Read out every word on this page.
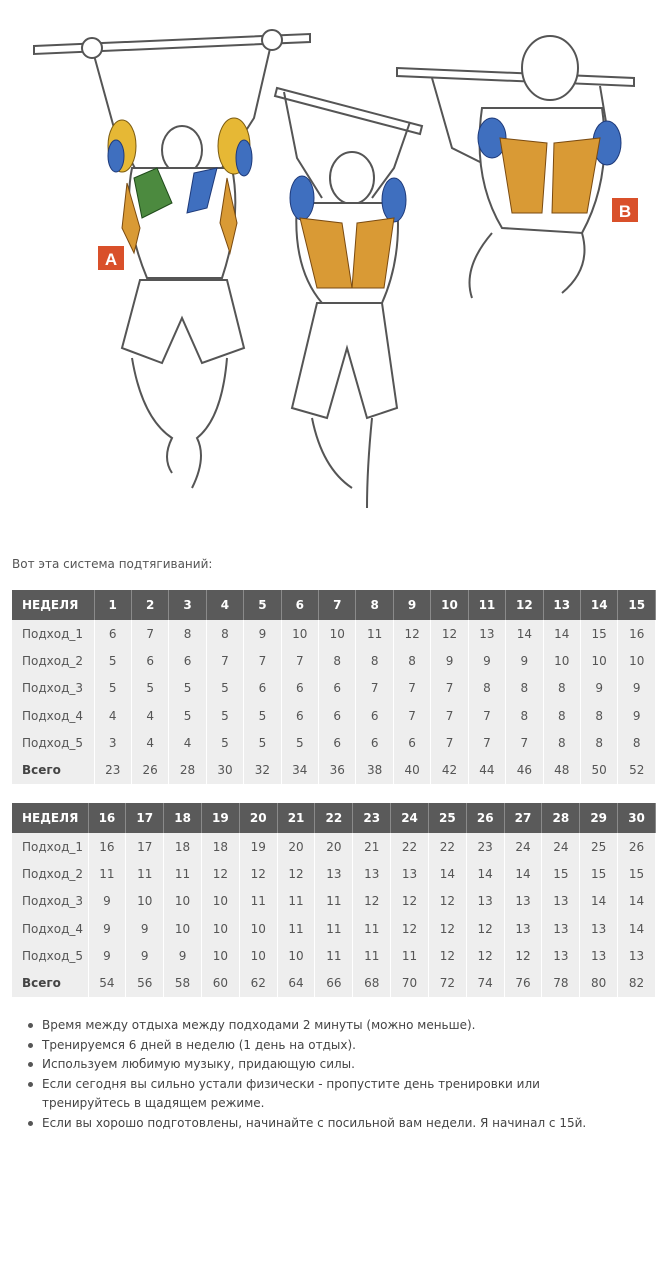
A
B
Вот эта система подтягиваний:
НЕДЕЛЯ	1	2	3	4	5	6	7	8	9	10	11	12	13	14	15
Подход_1	6	7	8	8	9	10	10	11	12	12	13	14	14	15	16
Подход_2	5	6	6	7	7	7	8	8	8	9	9	9	10	10	10
Подход_3	5	5	5	5	6	6	6	7	7	7	8	8	8	9	9
Подход_4	4	4	5	5	5	6	6	6	7	7	7	8	8	8	9
Подход_5	3	4	4	5	5	5	6	6	6	7	7	7	8	8	8
Всего	23	26	28	30	32	34	36	38	40	42	44	46	48	50	52
НЕДЕЛЯ	16	17	18	19	20	21	22	23	24	25	26	27	28	29	30
Подход_1	16	17	18	18	19	20	20	21	22	22	23	24	24	25	26
Подход_2	11	11	11	12	12	12	13	13	13	14	14	14	15	15	15
Подход_3	9	10	10	10	11	11	11	12	12	12	13	13	13	14	14
Подход_4	9	9	10	10	10	11	11	11	12	12	12	13	13	13	14
Подход_5	9	9	9	10	10	10	11	11	11	12	12	12	13	13	13
Всего	54	56	58	60	62	64	66	68	70	72	74	76	78	80	82
Время между отдыха между подходами 2 минуты (можно меньше).
Тренируемся 6 дней в неделю (1 день на отдых).
Используем любимую музыку, придающую силы.
Если сегодня вы сильно устали физически - пропустите день тренировки или тренируйтесь в щадящем режиме.
Если вы хорошо подготовлены, начинайте с посильной вам недели. Я начинал с 15й.
